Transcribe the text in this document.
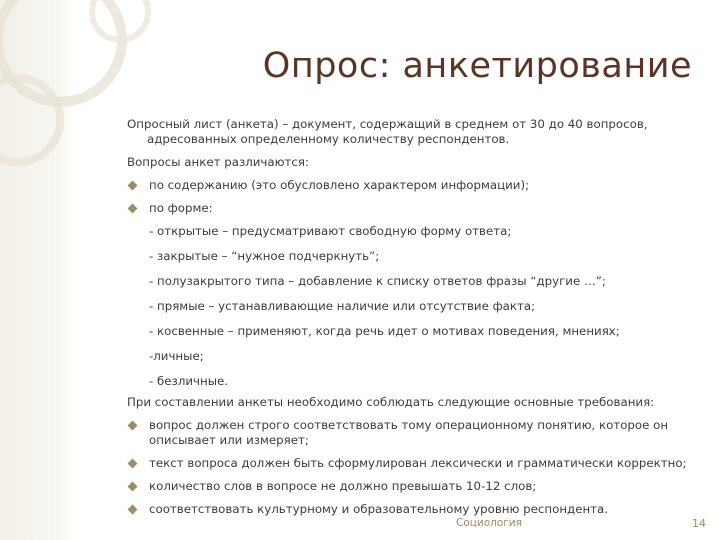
Опрос: анкетирование

Опросный лист (анкета) – документ, содержащий в среднем от 30 до 40 вопросов, адресованных определенному количеству респондентов.

Вопросы анкет различаются:

по содержанию (это обусловлено характером информации);
по форме:

- открытые – предусматривают свободную форму ответа;

- закрытые – “нужное подчеркнуть”;

- полузакрытого типа – добавление к списку ответов фразы “другие …”;

- прямые – устанавливающие наличие или отсутствие факта;

- косвенные – применяют, когда речь идет о мотивах поведения, мнениях;

-личные;

- безличные.

При составлении анкеты необходимо соблюдать следующие основные требования:

вопрос должен строго соответствовать тому операционному понятию, которое он описывает или измеряет;
текст вопроса должен быть сформулирован лексически и грамматически корректно;
количество слов в вопросе не должно превышать 10-12 слов;
соответствовать культурному и образовательному уровню респондента.
Социология	14
